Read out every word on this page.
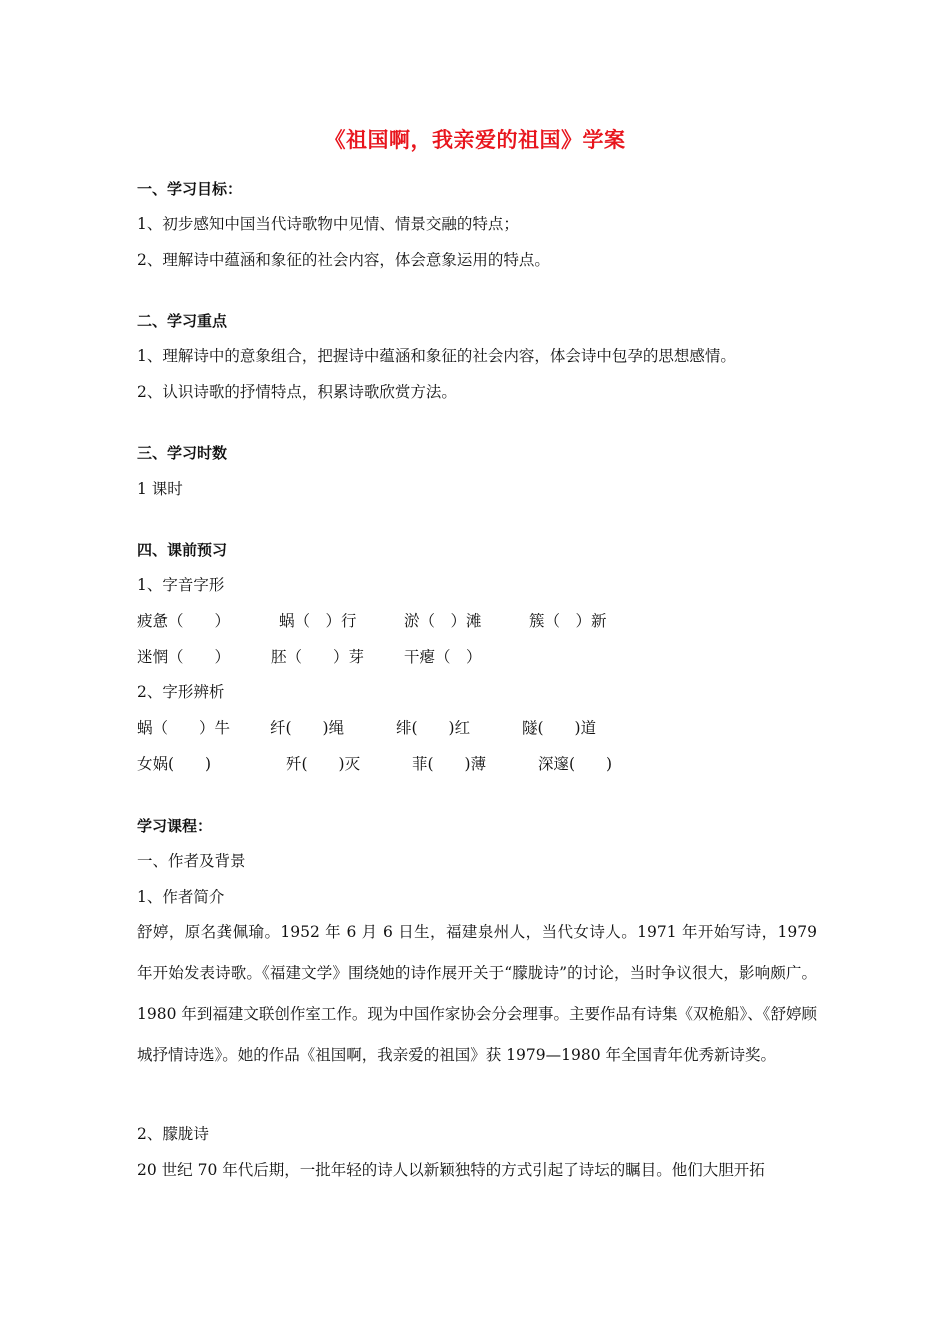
《祖国啊，我亲爱的祖国》学案
一、学习目标：
1、初步感知中国当代诗歌物中见情、情景交融的特点；
2、理解诗中蕴涵和象征的社会内容，体会意象运用的特点。
二、学习重点
1、理解诗中的意象组合，把握诗中蕴涵和象征的社会内容，体会诗中包孕的思想感情。
2、认识诗歌的抒情特点，积累诗歌欣赏方法。
三、学习时数
1 课时
四、课前预习
1、字音字形
疲惫（　　）	蜗（　）行	淤（　）滩	簇（　）新
迷惘（　　）	胚（　　）芽	干瘪（　）
2、字形辨析
蜗（　　）牛	纤(　　)绳	绯(　　)红	隧(　　)道
女娲(　　)	歼(　　)灭	菲(　　)薄	深邃(　　)
学习课程：
一、作者及背景
1、作者简介
舒婷，原名龚佩瑜。1952 年 6 月 6 日生，福建泉州人，当代女诗人。1971 年开始写诗，1979 年开始发表诗歌。《福建文学》围绕她的诗作展开关于“朦胧诗”的讨论，当时争议很大，影响颇广。1980 年到福建文联创作室工作。现为中国作家协会分会理事。主要作品有诗集《双桅船》、《舒婷顾城抒情诗选》。她的作品《祖国啊，我亲爱的祖国》获 1979—1980 年全国青年优秀新诗奖。
2、朦胧诗
20 世纪 70 年代后期，一批年轻的诗人以新颖独特的方式引起了诗坛的瞩目。他们大胆开拓
